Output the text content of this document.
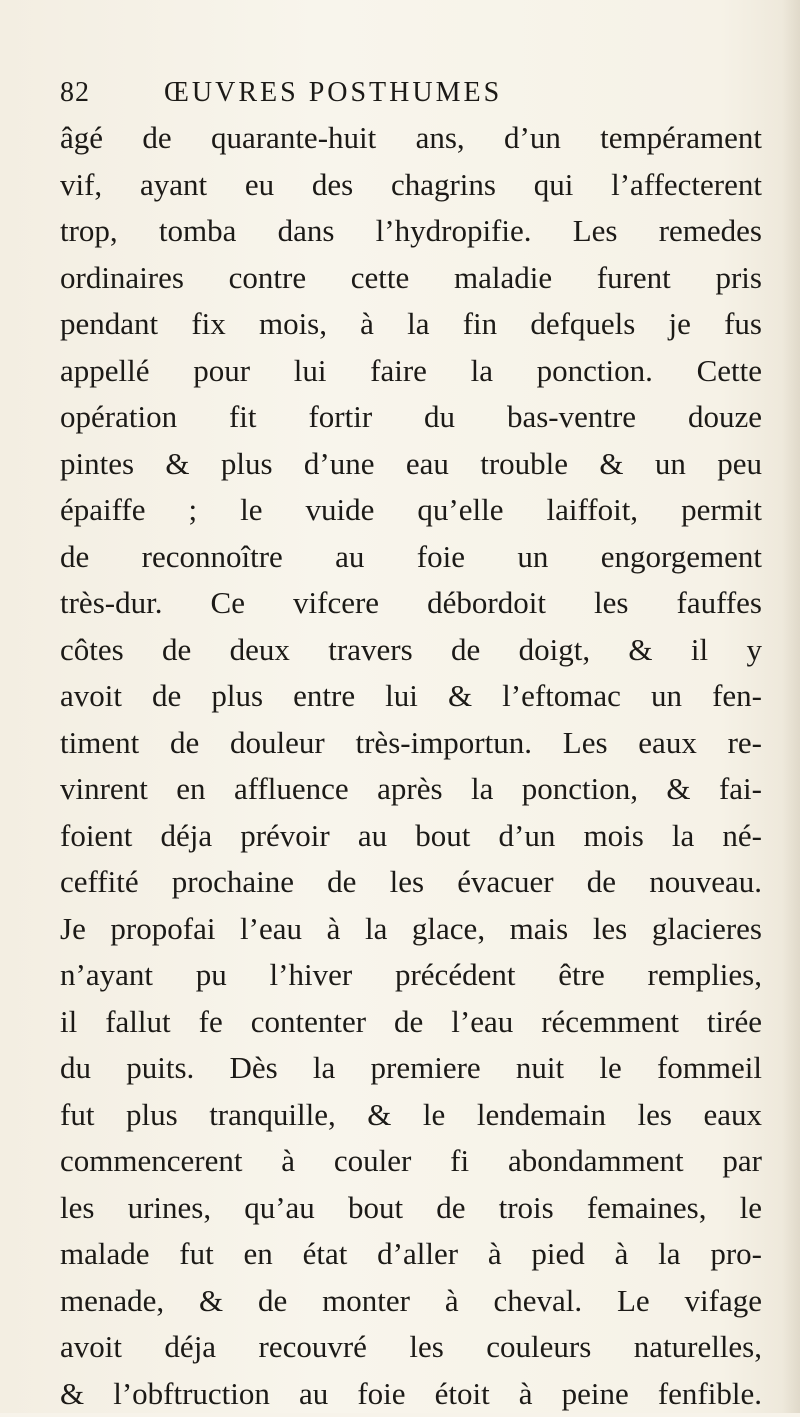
82	ŒUVRES POSTHUMES
âgé de quarante-huit ans, d’un tempérament
vif, ayant eu des chagrins qui l’affecterent
trop, tomba dans l’hydropifie. Les remedes
ordinaires contre cette maladie furent pris
pendant fix mois, à la fin defquels je fus
appellé pour lui faire la ponction. Cette
opération fit fortir du bas-ventre douze
pintes & plus d’une eau trouble & un peu
épaiffe ; le vuide qu’elle laiffoit, permit
de reconnoître au foie un engorgement
très-dur. Ce vifcere débordoit les fauffes
côtes de deux travers de doigt, & il y
avoit de plus entre lui & l’eftomac un fen-
timent de douleur très-importun. Les eaux re-
vinrent en affluence après la ponction, & fai-
foient déja prévoir au bout d’un mois la né-
ceffité prochaine de les évacuer de nouveau.
Je propofai l’eau à la glace, mais les glacieres
n’ayant pu l’hiver précédent être remplies,
il fallut fe contenter de l’eau récemment tirée
du puits. Dès la premiere nuit le fommeil
fut plus tranquille, & le lendemain les eaux
commencerent à couler fi abondamment par
les urines, qu’au bout de trois femaines, le
malade fut en état d’aller à pied à la pro-
menade, & de monter à cheval. Le vifage
avoit déja recouvré les couleurs naturelles,
& l’obftruction au foie étoit à peine fenfible.
